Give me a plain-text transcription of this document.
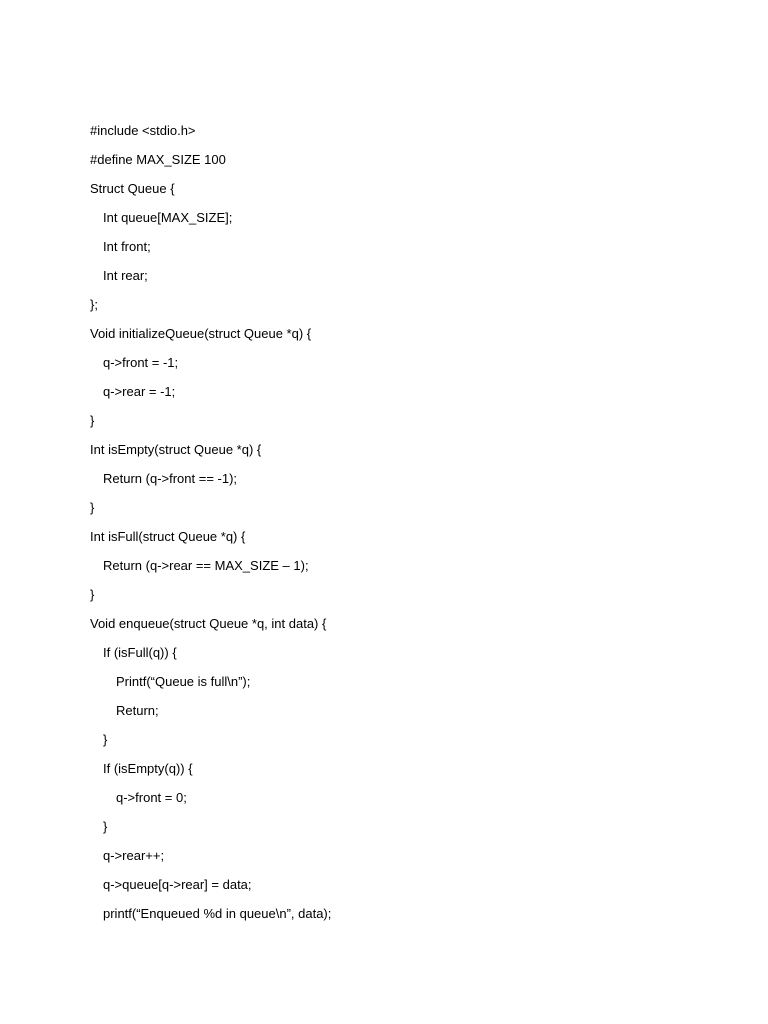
#include <stdio.h>
#define MAX_SIZE 100
Struct Queue {
Int queue[MAX_SIZE];
Int front;
Int rear;
};
Void initializeQueue(struct Queue *q) {
q->front = -1;
q->rear = -1;
}
Int isEmpty(struct Queue *q) {
Return (q->front == -1);
}
Int isFull(struct Queue *q) {
Return (q->rear == MAX_SIZE – 1);
}
Void enqueue(struct Queue *q, int data) {
If (isFull(q)) {
Printf(“Queue is full\n”);
Return;
}
If (isEmpty(q)) {
q->front = 0;
}
q->rear++;
q->queue[q->rear] = data;
printf(“Enqueued %d in queue\n”, data);
